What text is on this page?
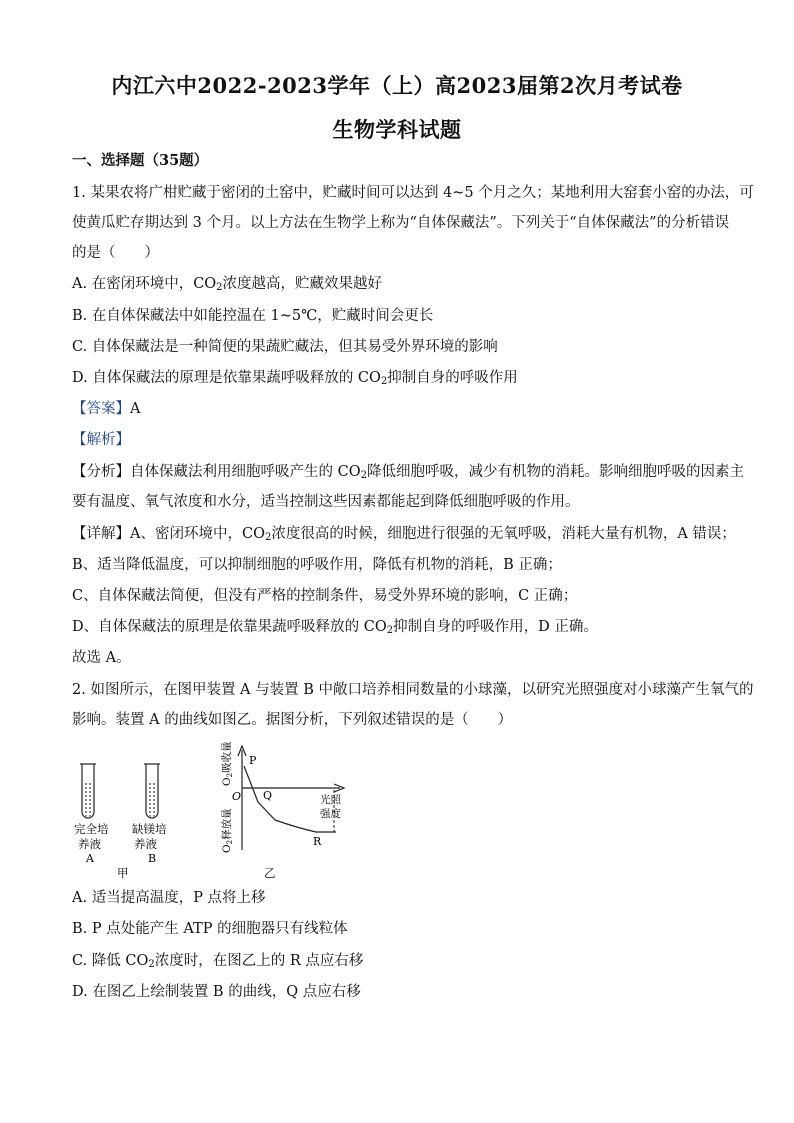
内江六中2022-2023学年（上）高2023届第2次月考试卷
生物学科试题
一、选择题（35题）
1. 某果农将广柑贮藏于密闭的土窑中，贮藏时间可以达到 4~5 个月之久；某地利用大窑套小窑的办法，可
使黄瓜贮存期达到 3 个月。以上方法在生物学上称为“自体保藏法”。下列关于“自体保藏法”的分析错误
的是（　　）
A. 在密闭环境中，$CO_2$浓度越高，贮藏效果越好
B. 在自体保藏法中如能控温在 1~5℃，贮藏时间会更长
C. 自体保藏法是一种简便的果蔬贮藏法，但其易受外界环境的影响
D. 自体保藏法的原理是依靠果蔬呼吸释放的 $CO_2$抑制自身的呼吸作用
【答案】A
【解析】
【分析】自体保藏法利用细胞呼吸产生的 $CO_2$降低细胞呼吸，减少有机物的消耗。影响细胞呼吸的因素主
要有温度、氧气浓度和水分，适当控制这些因素都能起到降低细胞呼吸的作用。
【详解】A、密闭环境中，$CO_2$浓度很高的时候，细胞进行很强的无氧呼吸，消耗大量有机物，A 错误；
B、适当降低温度，可以抑制细胞的呼吸作用，降低有机物的消耗，B 正确；
C、自体保藏法简便，但没有严格的控制条件，易受外界环境的影响，C 正确；
D、自体保藏法的原理是依靠果蔬呼吸释放的 $CO_2$抑制自身的呼吸作用，D 正确。
故选 A。
2. 如图所示，在图甲装置 A 与装置 B 中敞口培养相同数量的小球藻，以研究光照强度对小球藻产生氧气的
影响。装置 A 的曲线如图乙。据图分析，下列叙述错误的是（　　）
完全培
养液
A
缺镁培
养液
B
甲
P
Q
R
O	光照
强度
O2吸收量
O2释放量
乙
A. 适当提高温度，P 点将上移
B. P 点处能产生 ATP 的细胞器只有线粒体
C. 降低 $CO_2$浓度时，在图乙上的 R 点应右移
D. 在图乙上绘制装置 B 的曲线，Q 点应右移
